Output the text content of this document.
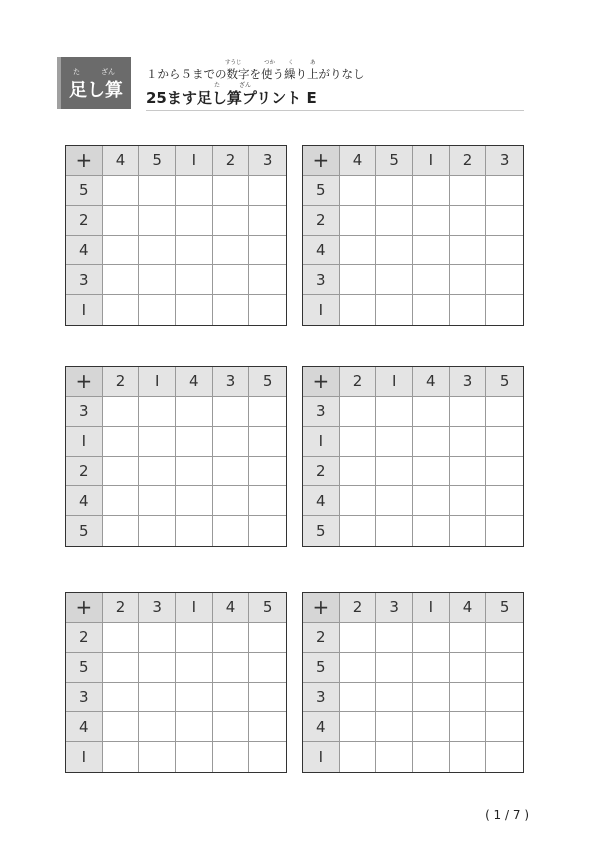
た	ざん
足し算
すうじ	つか く	あ
１から５までの数字を使う繰り上がりなし
た	ざん
25ます足し算プリント E
+	4	5	I	2	3
5
2
4
3
I
+	4	5	I	2	3
5
2
4
3
I
+	2	I	4	3	5
3
I
2
4
5
+	2	I	4	3	5
3
I
2
4
5
+	2	3	I	4	5
2
5
3
4
I
+	2	3	I	4	5
2
5
3
4
I
( 1 / 7 )
